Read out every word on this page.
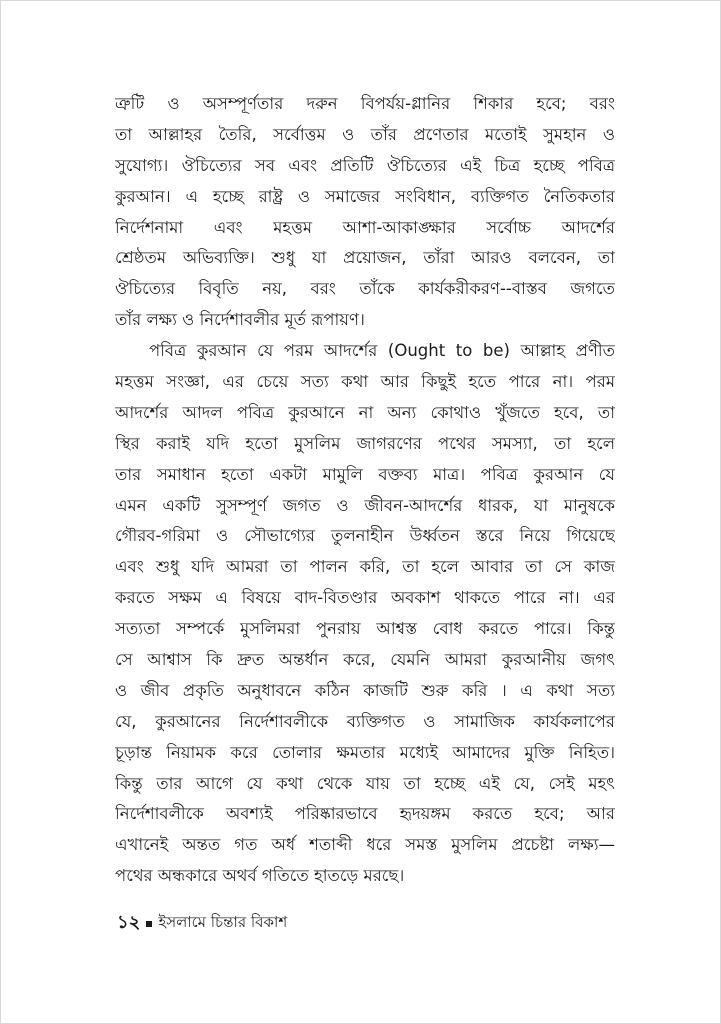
ত্রুটি ও অসম্পূর্ণতার দরুন বিপর্যয়-গ্লানির শিকার হবে; বরং
তা আল্লাহর তৈরি, সর্বোত্তম ও তাঁর প্রণেতার মতোই সুমহান ও
সুযোগ্য। ঔচিত্যের সব এবং প্রতিটি ঔচিত্যের এই চিত্র হচ্ছে পবিত্র
কুরআন। এ হচ্ছে রাষ্ট্র ও সমাজের সংবিধান, ব্যক্তিগত নৈতিকতার
নির্দেশনামা এবং মহত্তম আশা-আকাঙ্ক্ষার সর্বোচ্চ আদর্শের
শ্রেষ্ঠতম অভিব্যক্তি। শুধু যা প্রয়োজন, তাঁরা আরও বলবেন, তা
ঔচিত্যের বিবৃতি নয়, বরং তাঁকে কার্যকরীকরণ--বাস্তব জগতে
তাঁর লক্ষ্য ও নির্দেশাবলীর মূর্ত রূপায়ণ।
পবিত্র কুরআন যে পরম আদর্শের (Ought to be) আল্লাহ প্রণীত
মহত্তম সংজ্ঞা, এর চেয়ে সত্য কথা আর কিছুই হতে পারে না। পরম
আদর্শের আদল পবিত্র কুরআনে না অন্য কোথাও খুঁজতে হবে, তা
স্থির করাই যদি হতো মুসলিম জাগরণের পথের সমস্যা, তা হলে
তার সমাধান হতো একটা মামুলি বক্তব্য মাত্র। পবিত্র কুরআন যে
এমন একটি সুসম্পূর্ণ জগত ও জীবন-আদর্শের ধারক, যা মানুষকে
গৌরব-গরিমা ও সৌভাগ্যের তুলনাহীন উর্ধ্বতন স্তরে নিয়ে গিয়েছে
এবং শুধু যদি আমরা তা পালন করি, তা হলে আবার তা সে কাজ
করতে সক্ষম এ বিষয়ে বাদ-বিতণ্ডার অবকাশ থাকতে পারে না। এর
সত্যতা সম্পর্কে মুসলিমরা পুনরায় আশ্বস্ত বোধ করতে পারে। কিন্তু
সে আশ্বাস কি দ্রুত অন্তর্ধান করে, যেমনি আমরা কুরআনীয় জগৎ
ও জীব প্রকৃতি অনুধাবনে কঠিন কাজটি শুরু করি । এ কথা সত্য
যে, কুরআনের নির্দেশাবলীকে ব্যক্তিগত ও সামাজিক কার্যকলাপের
চূড়ান্ত নিয়ামক করে তোলার ক্ষমতার মধ্যেই আমাদের মুক্তি নিহিত।
কিন্তু তার আগে যে কথা থেকে যায় তা হচ্ছে এই যে, সেই মহৎ
নির্দেশাবলীকে অবশ্যই পরিষ্কারভাবে হৃদয়ঙ্গম করতে হবে; আর
এখানেই অন্তত গত অর্ধ শতাব্দী ধরে সমস্ত মুসলিম প্রচেষ্টা লক্ষ্য—
পথের অন্ধকারে অথর্ব গতিতে হাতড়ে মরছে।
১২ ইসলামে চিন্তার বিকাশ
